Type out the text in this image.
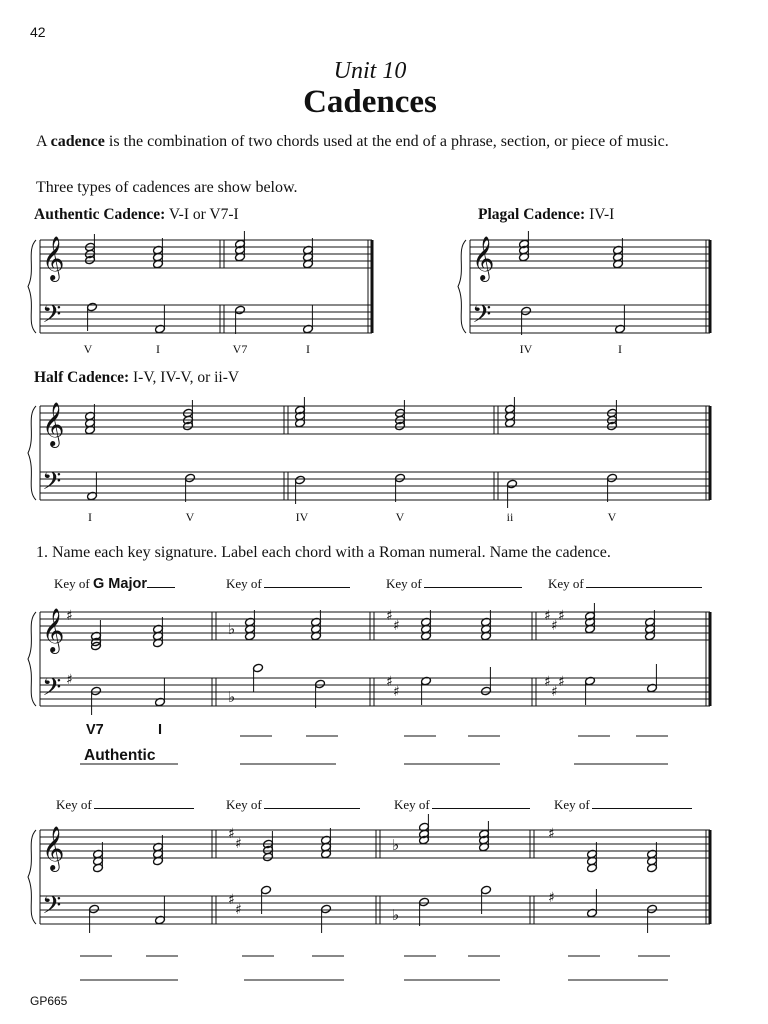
42
Unit 10
Cadences
A cadence is the combination of two chords used at the end of a phrase, section, or piece of music.
Three types of cadences are show below.
Authentic Cadence: V-I or V7-I	Plagal Cadence: IV-I
V	I	V7	I	IV	I
Half Cadence: I-V, IV-V, or ii-V
I	V	IV	V	ii	V
1. Name each key signature. Label each chord with a Roman numeral. Name the cadence.
Key of G Major	Key of	Key of	Key of
V7	I
Authentic
Key of	Key of	Key of	Key of
GP665
𝄞
𝄢
𝄞
𝄢
𝄞
𝄢
𝄞
𝄢
♯
♯
♭
♭
♯
♯
♯
♯
♯
♯
♯
♯
♯
♯
𝄞
𝄢
♯
♯
♯
♯
♭
♭
♯
♯
